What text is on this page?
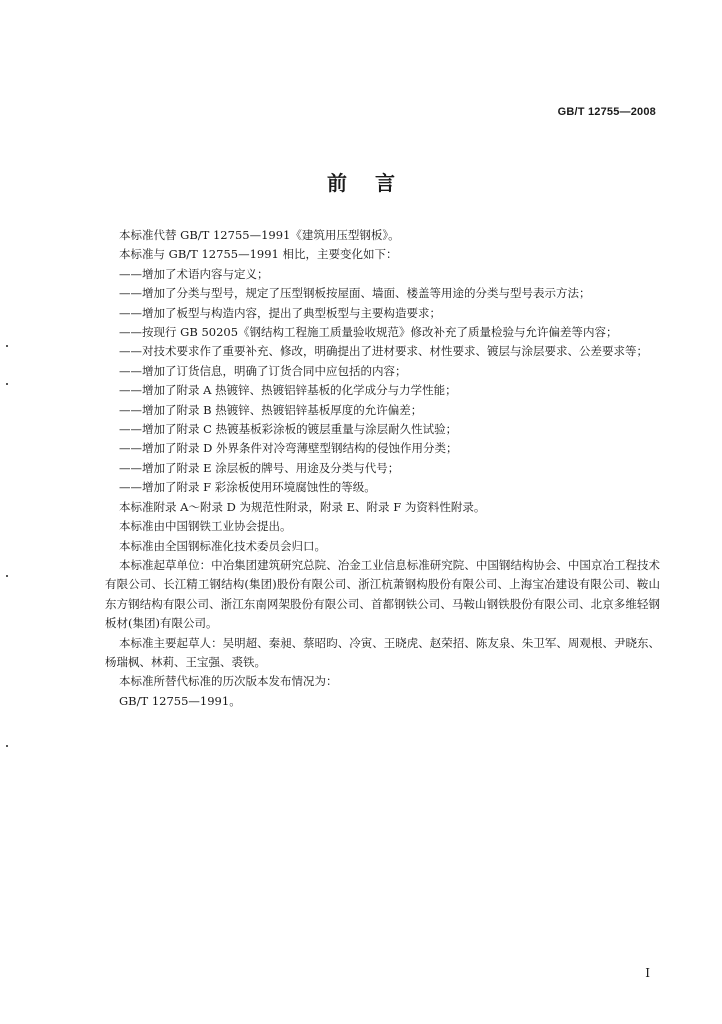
GB/T 12755—2008
前言

本标准代替 GB/T 12755—1991《建筑用压型钢板》。

本标准与 GB/T 12755—1991 相比，主要变化如下：

——增加了术语内容与定义；

——增加了分类与型号，规定了压型钢板按屋面、墙面、楼盖等用途的分类与型号表示方法；

——增加了板型与构造内容，提出了典型板型与主要构造要求；

——按现行 GB 50205《钢结构工程施工质量验收规范》修改补充了质量检验与允许偏差等内容；

——对技术要求作了重要补充、修改，明确提出了进材要求、材性要求、镀层与涂层要求、公差要求等；

——增加了订货信息，明确了订货合同中应包括的内容；

——增加了附录 A 热镀锌、热镀铝锌基板的化学成分与力学性能；

——增加了附录 B 热镀锌、热镀铝锌基板厚度的允许偏差；

——增加了附录 C 热镀基板彩涂板的镀层重量与涂层耐久性试验；

——增加了附录 D 外界条件对冷弯薄壁型钢结构的侵蚀作用分类；

——增加了附录 E 涂层板的牌号、用途及分类与代号；

——增加了附录 F 彩涂板使用环境腐蚀性的等级。

本标准附录 A～附录 D 为规范性附录，附录 E、附录 F 为资料性附录。

本标准由中国钢铁工业协会提出。

本标准由全国钢标准化技术委员会归口。

本标准起草单位：中冶集团建筑研究总院、冶金工业信息标准研究院、中国钢结构协会、中国京冶工程技术有限公司、长江精工钢结构(集团)股份有限公司、浙江杭萧钢构股份有限公司、上海宝冶建设有限公司、鞍山东方钢结构有限公司、浙江东南网架股份有限公司、首都钢铁公司、马鞍山钢铁股份有限公司、北京多维轻钢板材(集团)有限公司。

本标准主要起草人：吴明超、秦昶、蔡昭昀、冷寅、王晓虎、赵荣招、陈友泉、朱卫军、周观根、尹晓东、杨瑞枫、林莉、王宝强、裘铁。

本标准所替代标准的历次版本发布情况为：

GB/T 12755—1991。

I
